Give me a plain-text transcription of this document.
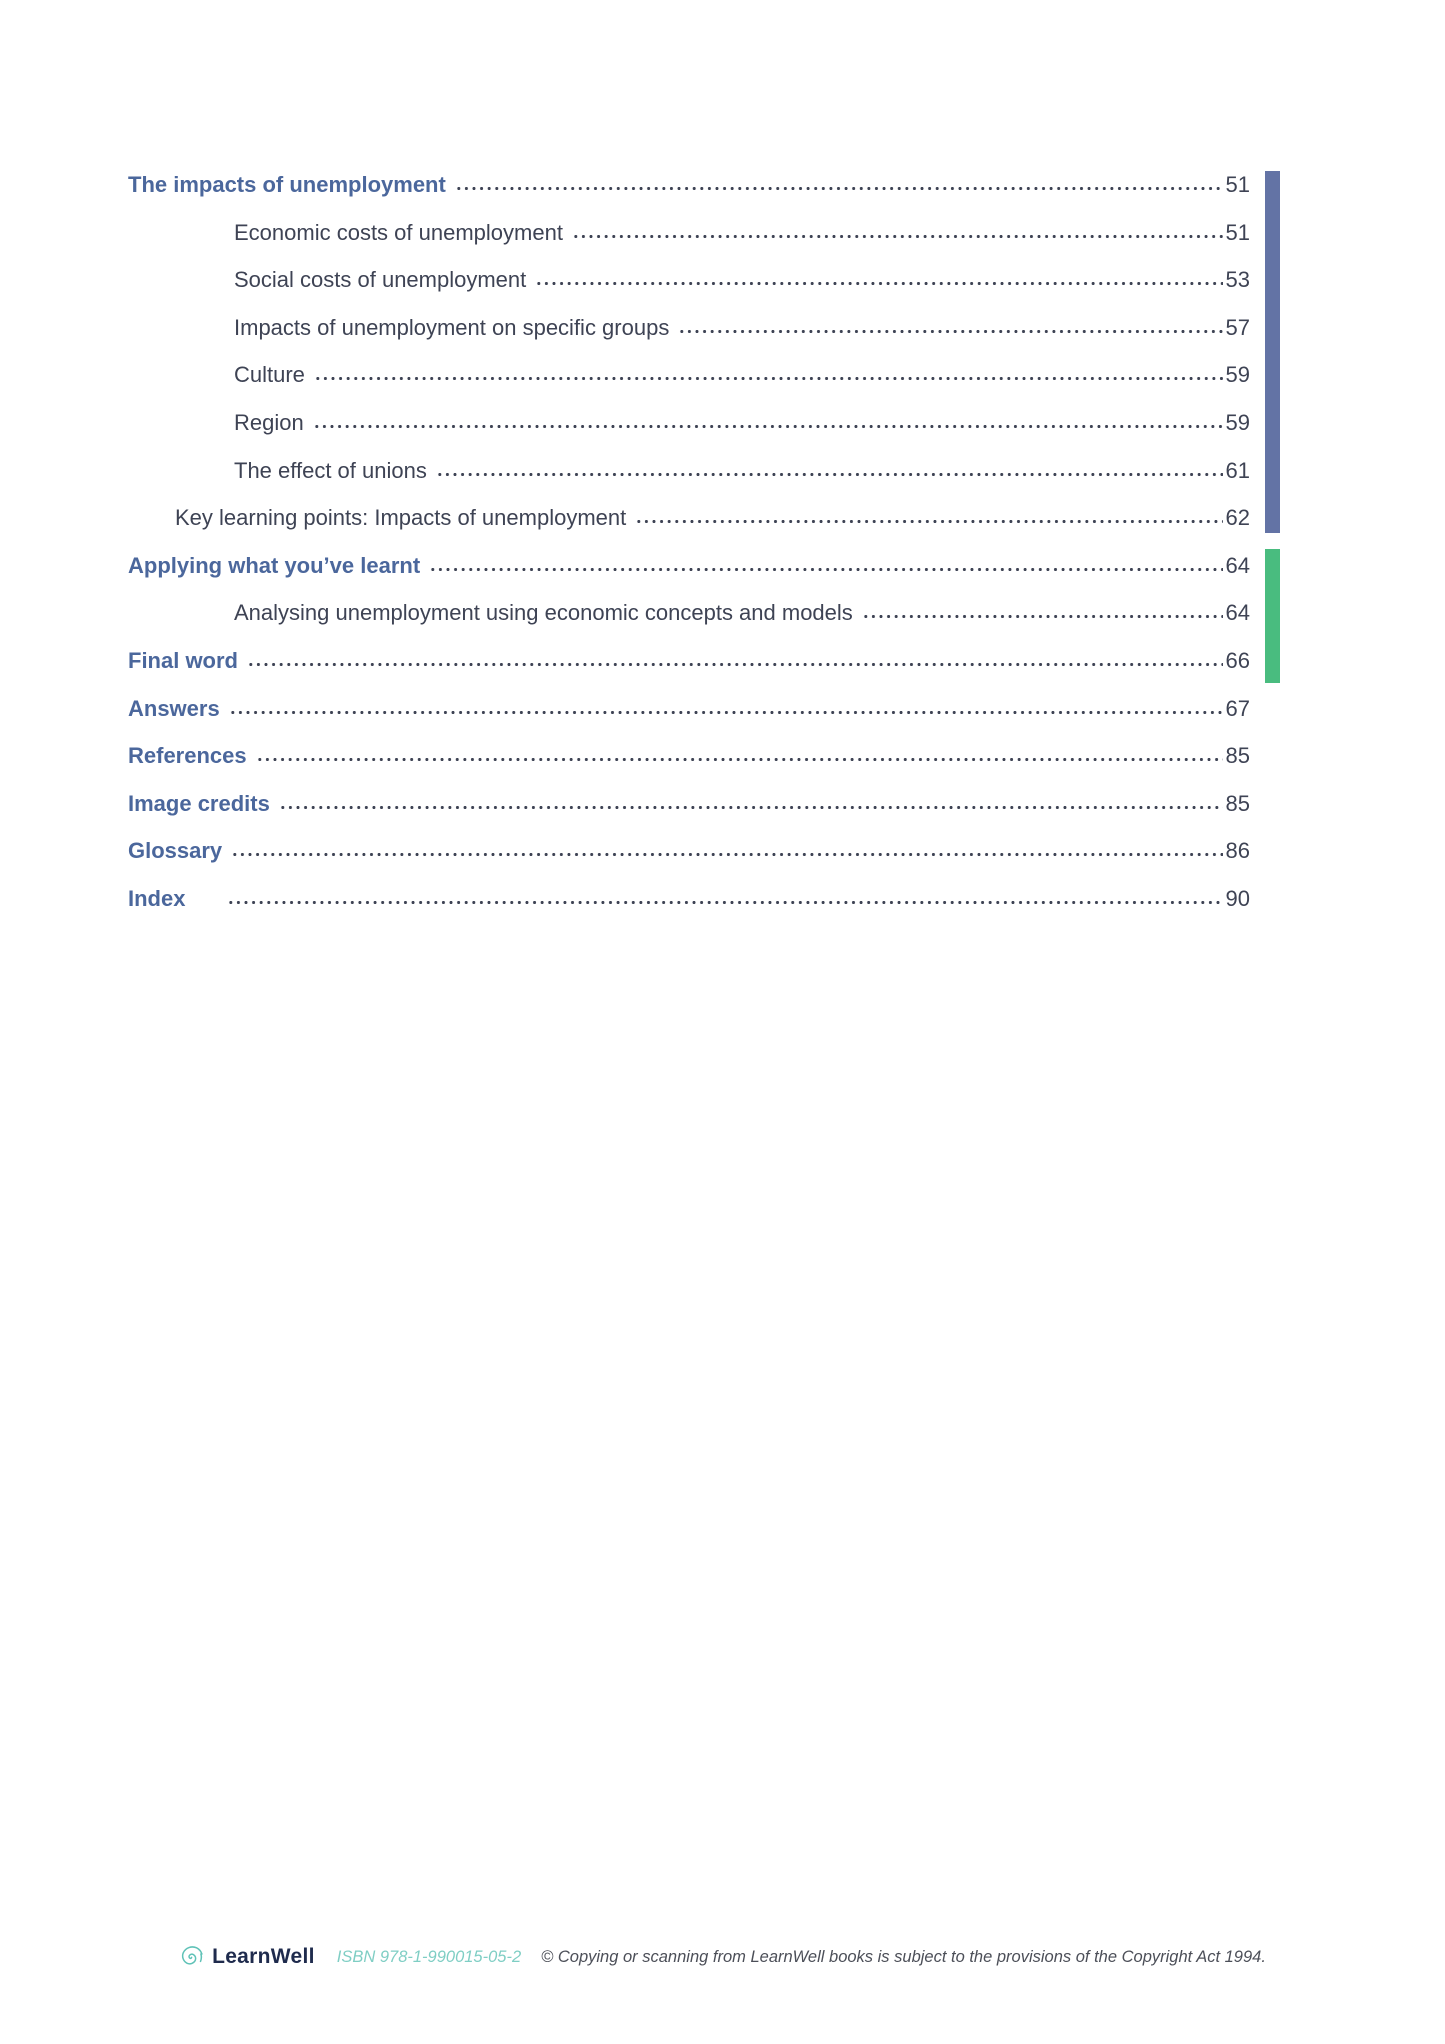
The impacts of unemployment	51
Economic costs of unemployment	51
Social costs of unemployment	53
Impacts of unemployment on specific groups	57
Culture	59
Region	59
The effect of unions	61
Key learning points: Impacts of unemployment	62
Applying what you’ve learnt	64
Analysing unemployment using economic concepts and models	64
Final word	66
Answers	67
References	85
Image credits	85
Glossary	86
Index	90
LearnWell ISBN 978-1-990015-05-2 © Copying or scanning from LearnWell books is subject to the provisions of the Copyright Act 1994.
